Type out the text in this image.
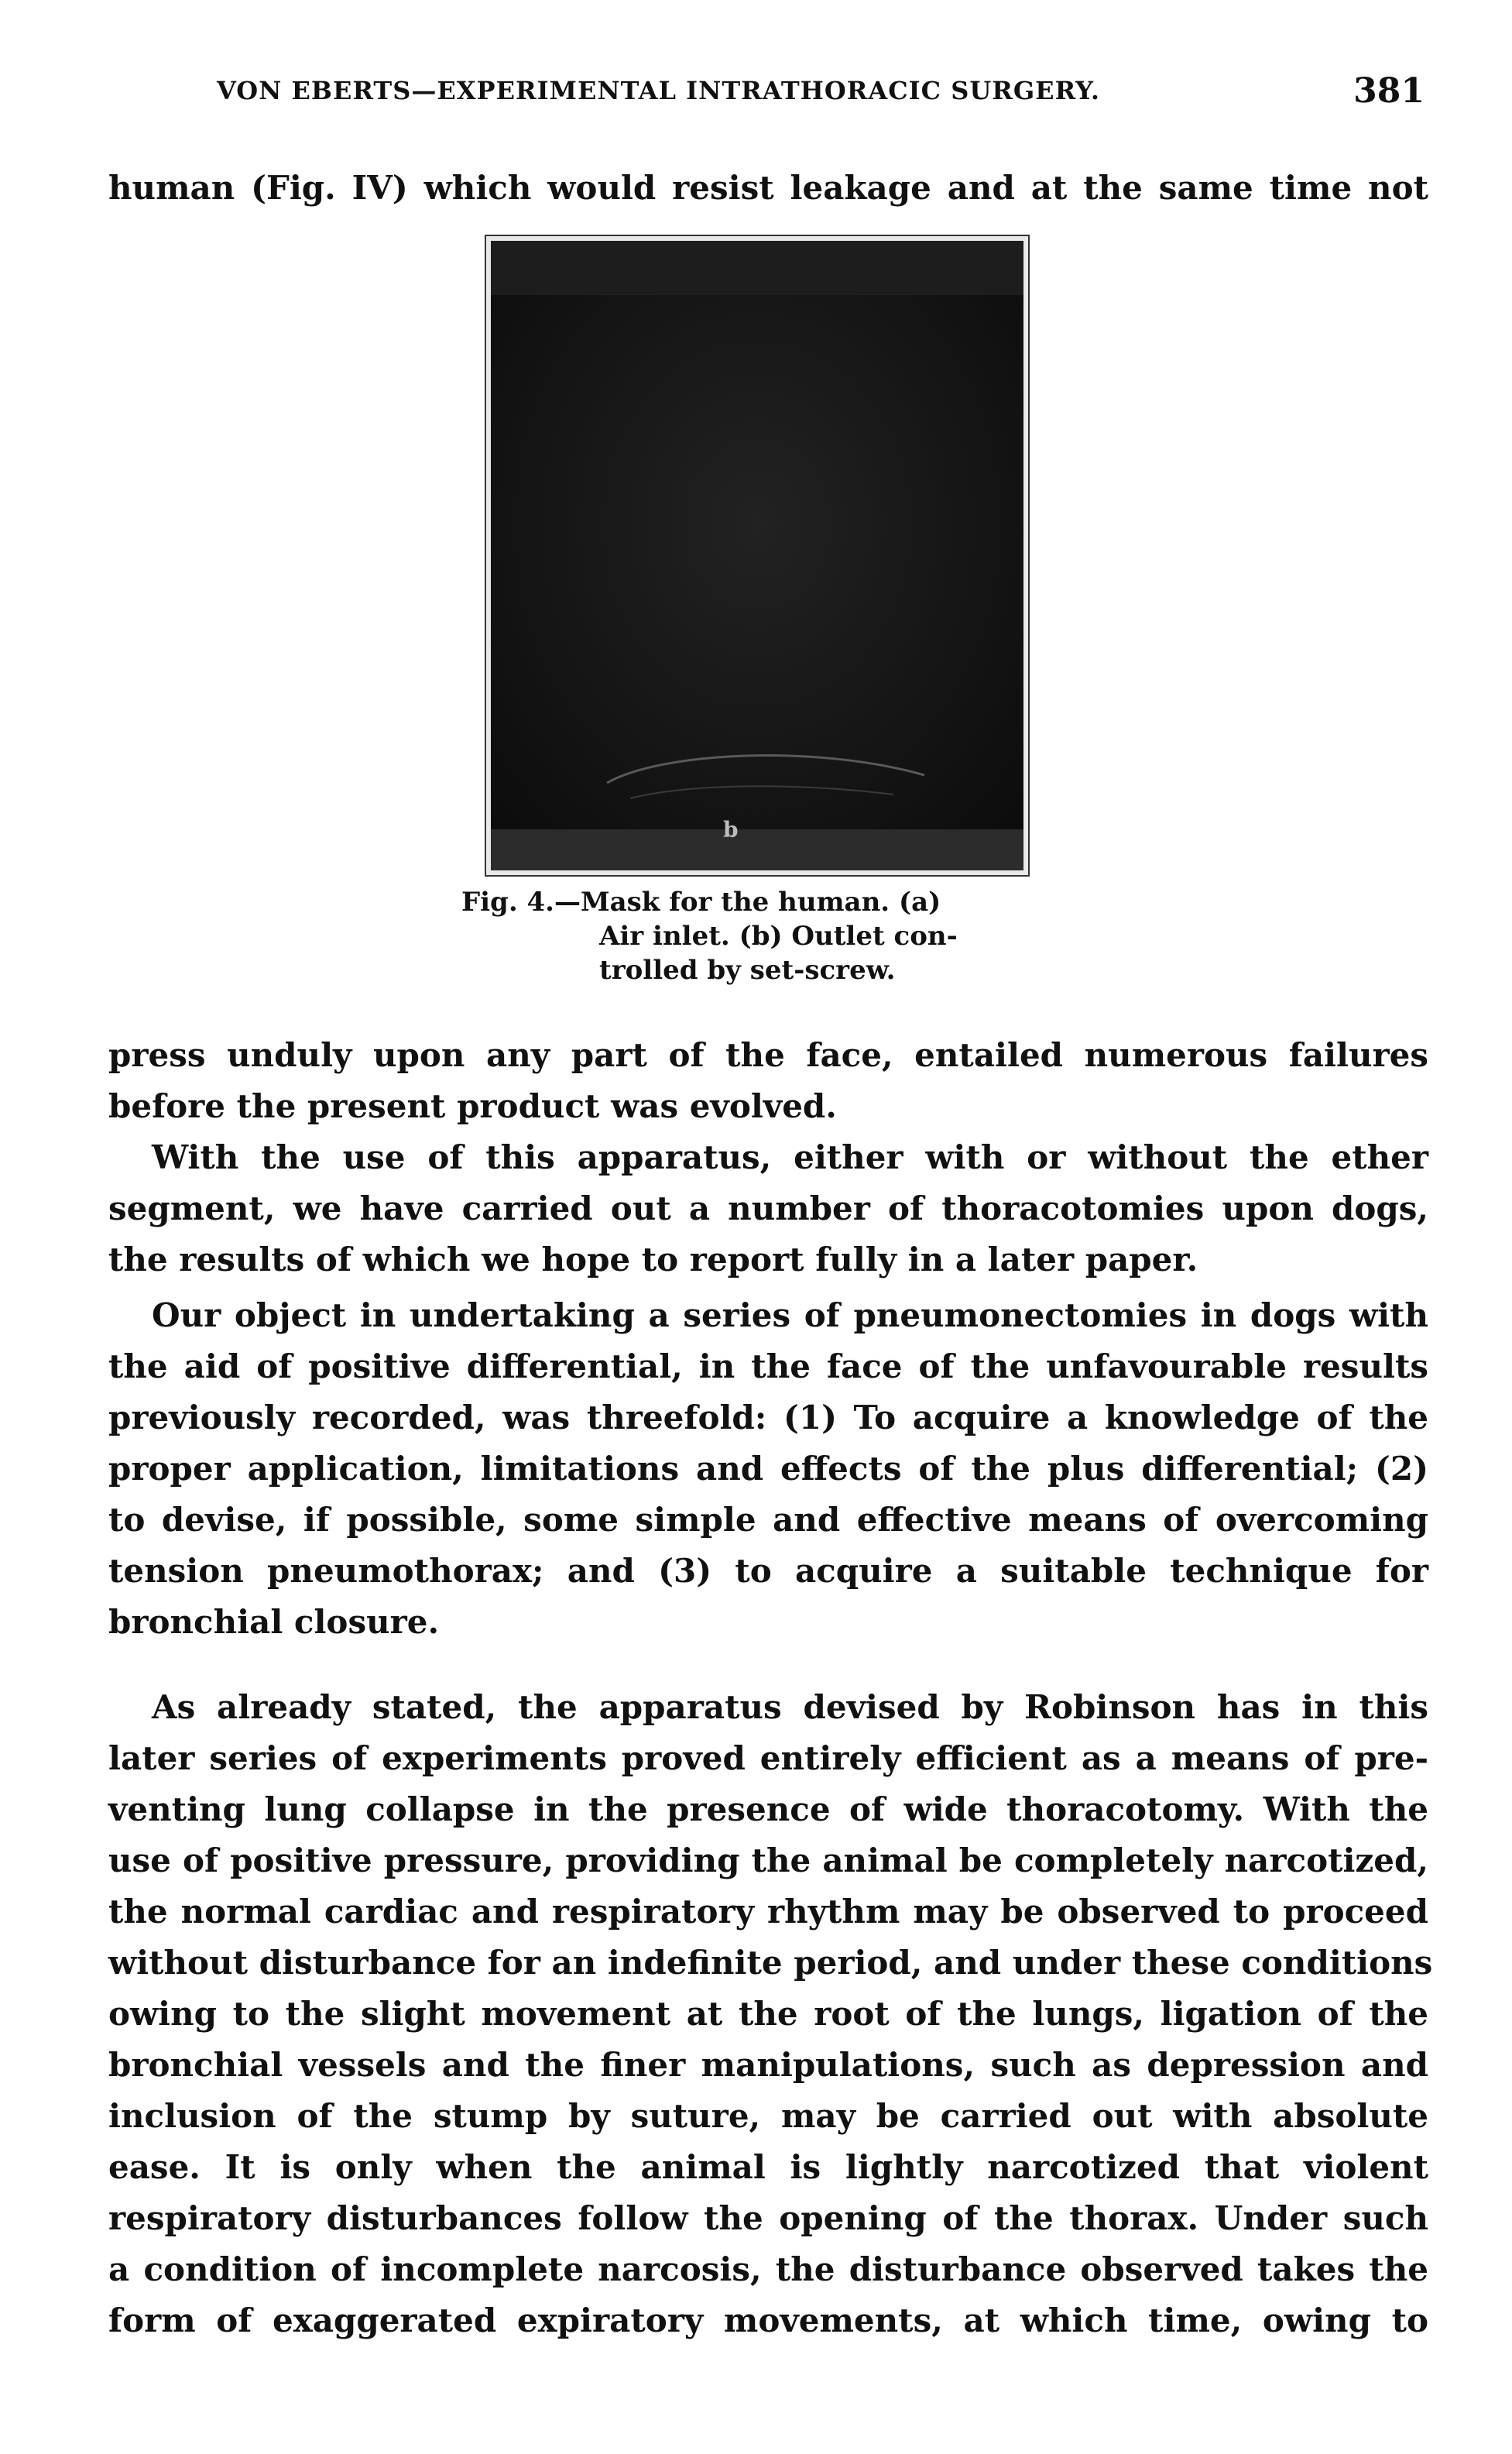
VON EBERTS—EXPERIMENTAL INTRATHORACIC SURGERY.	381
human (Fig. IV) which would resist leakage and at the same time not
b
Fig. 4.—Mask for the human. (a)
Air inlet. (b) Outlet con-
trolled by set-screw.
press unduly upon any part of the face, entailed numerous failures
before the present product was evolved.
With the use of this apparatus, either with or without the ether
segment, we have carried out a number of thoracotomies upon dogs,
the results of which we hope to report fully in a later paper.
Our object in undertaking a series of pneumonectomies in dogs with
the aid of positive differential, in the face of the unfavourable results
previously recorded, was threefold: (1) To acquire a knowledge of the
proper application, limitations and effects of the plus differential; (2)
to devise, if possible, some simple and effective means of overcoming
tension pneumothorax; and (3) to acquire a suitable technique for
bronchial closure.
As already stated, the apparatus devised by Robinson has in this
later series of experiments proved entirely efficient as a means of pre-
venting lung collapse in the presence of wide thoracotomy. With the
use of positive pressure, providing the animal be completely narcotized,
the normal cardiac and respiratory rhythm may be observed to proceed
without disturbance for an indefinite period, and under these conditions
owing to the slight movement at the root of the lungs, ligation of the
bronchial vessels and the finer manipulations, such as depression and
inclusion of the stump by suture, may be carried out with absolute
ease. It is only when the animal is lightly narcotized that violent
respiratory disturbances follow the opening of the thorax. Under such
a condition of incomplete narcosis, the disturbance observed takes the
form of exaggerated expiratory movements, at which time, owing to
